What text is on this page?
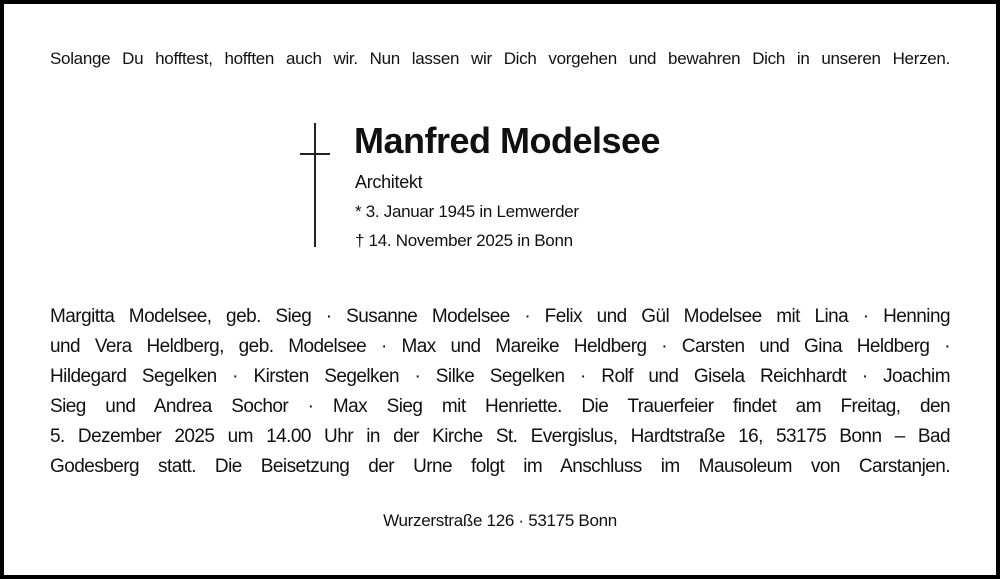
Solange Du hofftest, hofften auch wir. Nun lassen wir Dich vorgehen und bewahren Dich in unseren Herzen.
Manfred Modelsee
Architekt
* 3. Januar 1945 in Lemwerder
† 14. November 2025 in Bonn
Margitta Modelsee, geb. Sieg · Susanne Modelsee · Felix und Gül Modelsee mit Lina · Henning
und Vera Heldberg, geb. Modelsee · Max und Mareike Heldberg · Carsten und Gina Heldberg ·
Hildegard Segelken · Kirsten Segelken · Silke Segelken · Rolf und Gisela Reichhardt · Joachim
Sieg und Andrea Sochor · Max Sieg mit Henriette. Die Trauerfeier findet am Freitag, den
5. Dezember 2025 um 14.00 Uhr in der Kirche St. Evergislus, Hardtstraße 16, 53175 Bonn – Bad
Godesberg statt. Die Beisetzung der Urne folgt im Anschluss im Mausoleum von Carstanjen.
Wurzerstraße 126 · 53175 Bonn
